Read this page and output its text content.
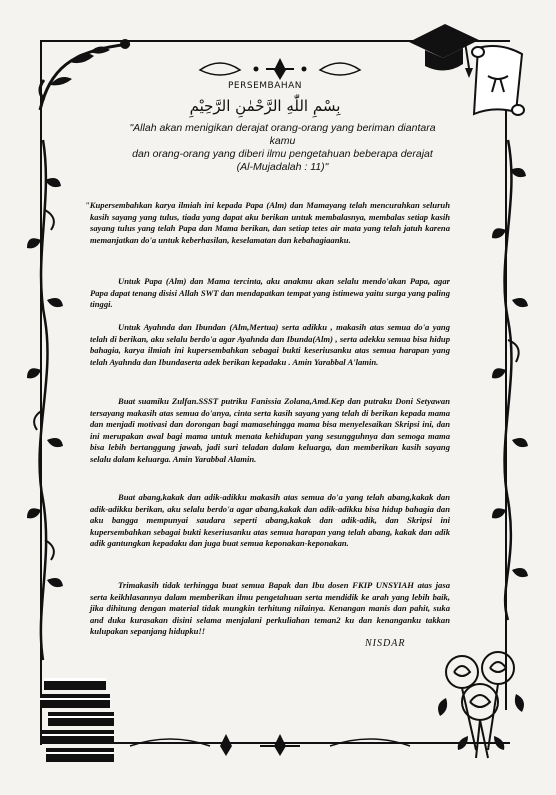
PERSEMBAHAN
بِسْمِ اللّٰهِ الرَّحْمٰنِ الرَّحِيْمِ
"Allah akan menigikan derajat orang-orang yang beriman diantara
kamu
dan orang-orang yang diberi ilmu pengetahuan beberapa derajat
(Al-Mujadalah : 11)"
"Kupersembahkan karya ilmiah ini kepada Papa (Alm) dan Mamayang telah mencurahkan seluruh kasih sayang yang tulus, tiada yang dapat aku berikan untuk membalasnya, membalas setiap kasih sayang tulus yang telah Papa dan Mama berikan, dan setiap tetes air mata yang telah jatuh karena memanjatkan do'a untuk keberhasilan, keselamatan dan kebahagiaanku.
Untuk Papa (Alm) dan Mama tercinta, aku anakmu akan selalu mendo'akan Papa, agar Papa dapat tenang disisi Allah SWT dan mendapatkan tempat yang istimewa yaitu surga yang paling tinggi.
Untuk Ayahnda dan Ibundan (Alm,Mertua) serta adikku , makasih atas semua do'a yang telah di berikan, aku selalu berdo'a agar Ayahnda dan Ibunda(Alm) , serta adekku semua bisa hidup bahagia, karya ilmiah ini kupersembahkan sebagai bukti keseriusanku atas semua harapan yang telah Ayahnda dan Ibundaserta adek berikan kepadaku . Amin Yarabbal A'lamin.
Buat suamiku Zulfan.SSST putriku Fanissia Zolana,Amd.Kep dan putraku Doni Setyawan tersayang makasih atas semua do'anya, cinta serta kasih sayang yang telah di berikan kepada mama dan menjadi motivasi dan dorongan bagi mamasehingga mama bisa menyelesaikan Skripsi ini, dan ini merupakan awal bagi mama untuk menata kehidupan yang sesungguhnya dan semoga mama bisa lebih bertanggung jawab, jadi suri teladan dalam keluarga, dan memberikan kasih sayang selalu dalam keluarga. Amin Yarabbal Alamin.
Buat abang,kakak dan adik-adikku makasih atas semua do'a yang telah abang,kakak dan adik-adikku berikan, aku selalu berdo'a agar abang,kakak dan adik-adikku bisa hidup bahagia dan aku bangga mempunyai saudara seperti abang,kakak dan adik-adik, dan Skripsi ini kupersembahkan sebagai bukti keseriusanku atas semua harapan yang telah abang, kakak dan adik adik gantungkan kepadaku dan juga buat semua keponakan-keponakan.
Trimakasih tidak terhingga buat semua Bapak dan Ibu dosen FKIP UNSYIAH atas jasa serta keikhlasannya dalam memberikan ilmu pengetahuan serta mendidik ke arah yang lebih baik, jika dihitung dengan material tidak mungkin terhitung nilainya. Kenangan manis dan pahit, suka and duka kurasakan disini selama menjalani perkuliahan teman2 ku dan kenanganku takkan kulupakan sepanjang hidupku!!
NISDAR
